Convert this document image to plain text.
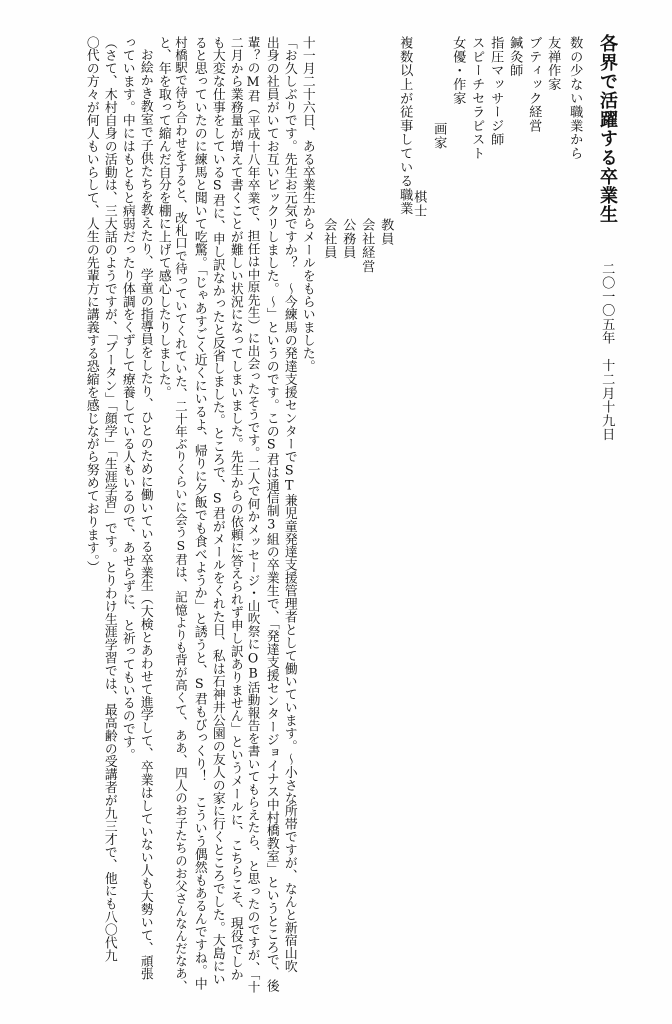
各界で活躍する卒業生
二〇一〇五年　十二月十九日
数の少ない職業から
友禅作家
ブティック経営
鍼灸師
指圧マッサージ師
スピーチセラピスト
女優・作家
画家
棋士
複数以上が従事している職業
教員
会社経営
公務員
会社員
十一月二十六日、ある卒業生からメールをもらいました。
「お久しぶりです。先生お元気ですか？　〜今練馬の発達支援センターでST兼児童発達支援管理者として働いています。〜小さな所帯ですが、なんと新宿山吹
出身の社員がいてお互いビックリしました。〜」というのです。このS君は通信制3組の卒業生で、「発達支援センタージョイナス中村橋教室」というところで、後
輩？のM君（平成十八年卒業で、担任は中原先生）に出会ったそうです。二人で何かメッセージ・山吹祭にOB活動報告を書いてもらえたら、と思ったのですが、「十
二月から業務量が増えて書くことが難しい状況になってしまいました。先生からの依頼に答えられず申し訳ありません」というメールに、こちらこそ、現役でしか
も大変な仕事をしているS君に、申し訳なかったと反省しました。ところで、S君がメールをくれた日、私は石神井公園の友人の家に行くところでした。大島にい
ると思っていたのに練馬と聞いて吃驚。「じゃあすごく近くにいるよ、帰りに夕飯でも食べようか」と誘うと、S君もびっくり！　こういう偶然もあるんですね。中
村橋駅で待ち合わせをすると、改札口で待っていてくれていた、二十年ぶりくらいに会うS君は、記憶よりも背が高くて、ああ、四人のお子たちのお父さんなんだなあ、
と、年を取って縮んだ自分を棚に上げて感心したりしました。
お絵かき教室で子供たちを教えたり、学童の指導員をしたり、ひとのために働いている卒業生（大検とあわせて進学して、卒業はしていない人も大勢いて、頑張
っています。中にはもともと病弱だったり体調をくずして療養している人もいるので、あせらずに、と祈ってもいるのです。
（さて、木村自身の活動は、三大話のようですが、「ブータン」「顔学」「生涯学習」です。とりわけ生涯学習では、最高齢の受講者が九三才で、他にも八〇代九
〇代の方々が何人もいらして、人生の先輩方に講義する恐縮を感じながら努めております。）
